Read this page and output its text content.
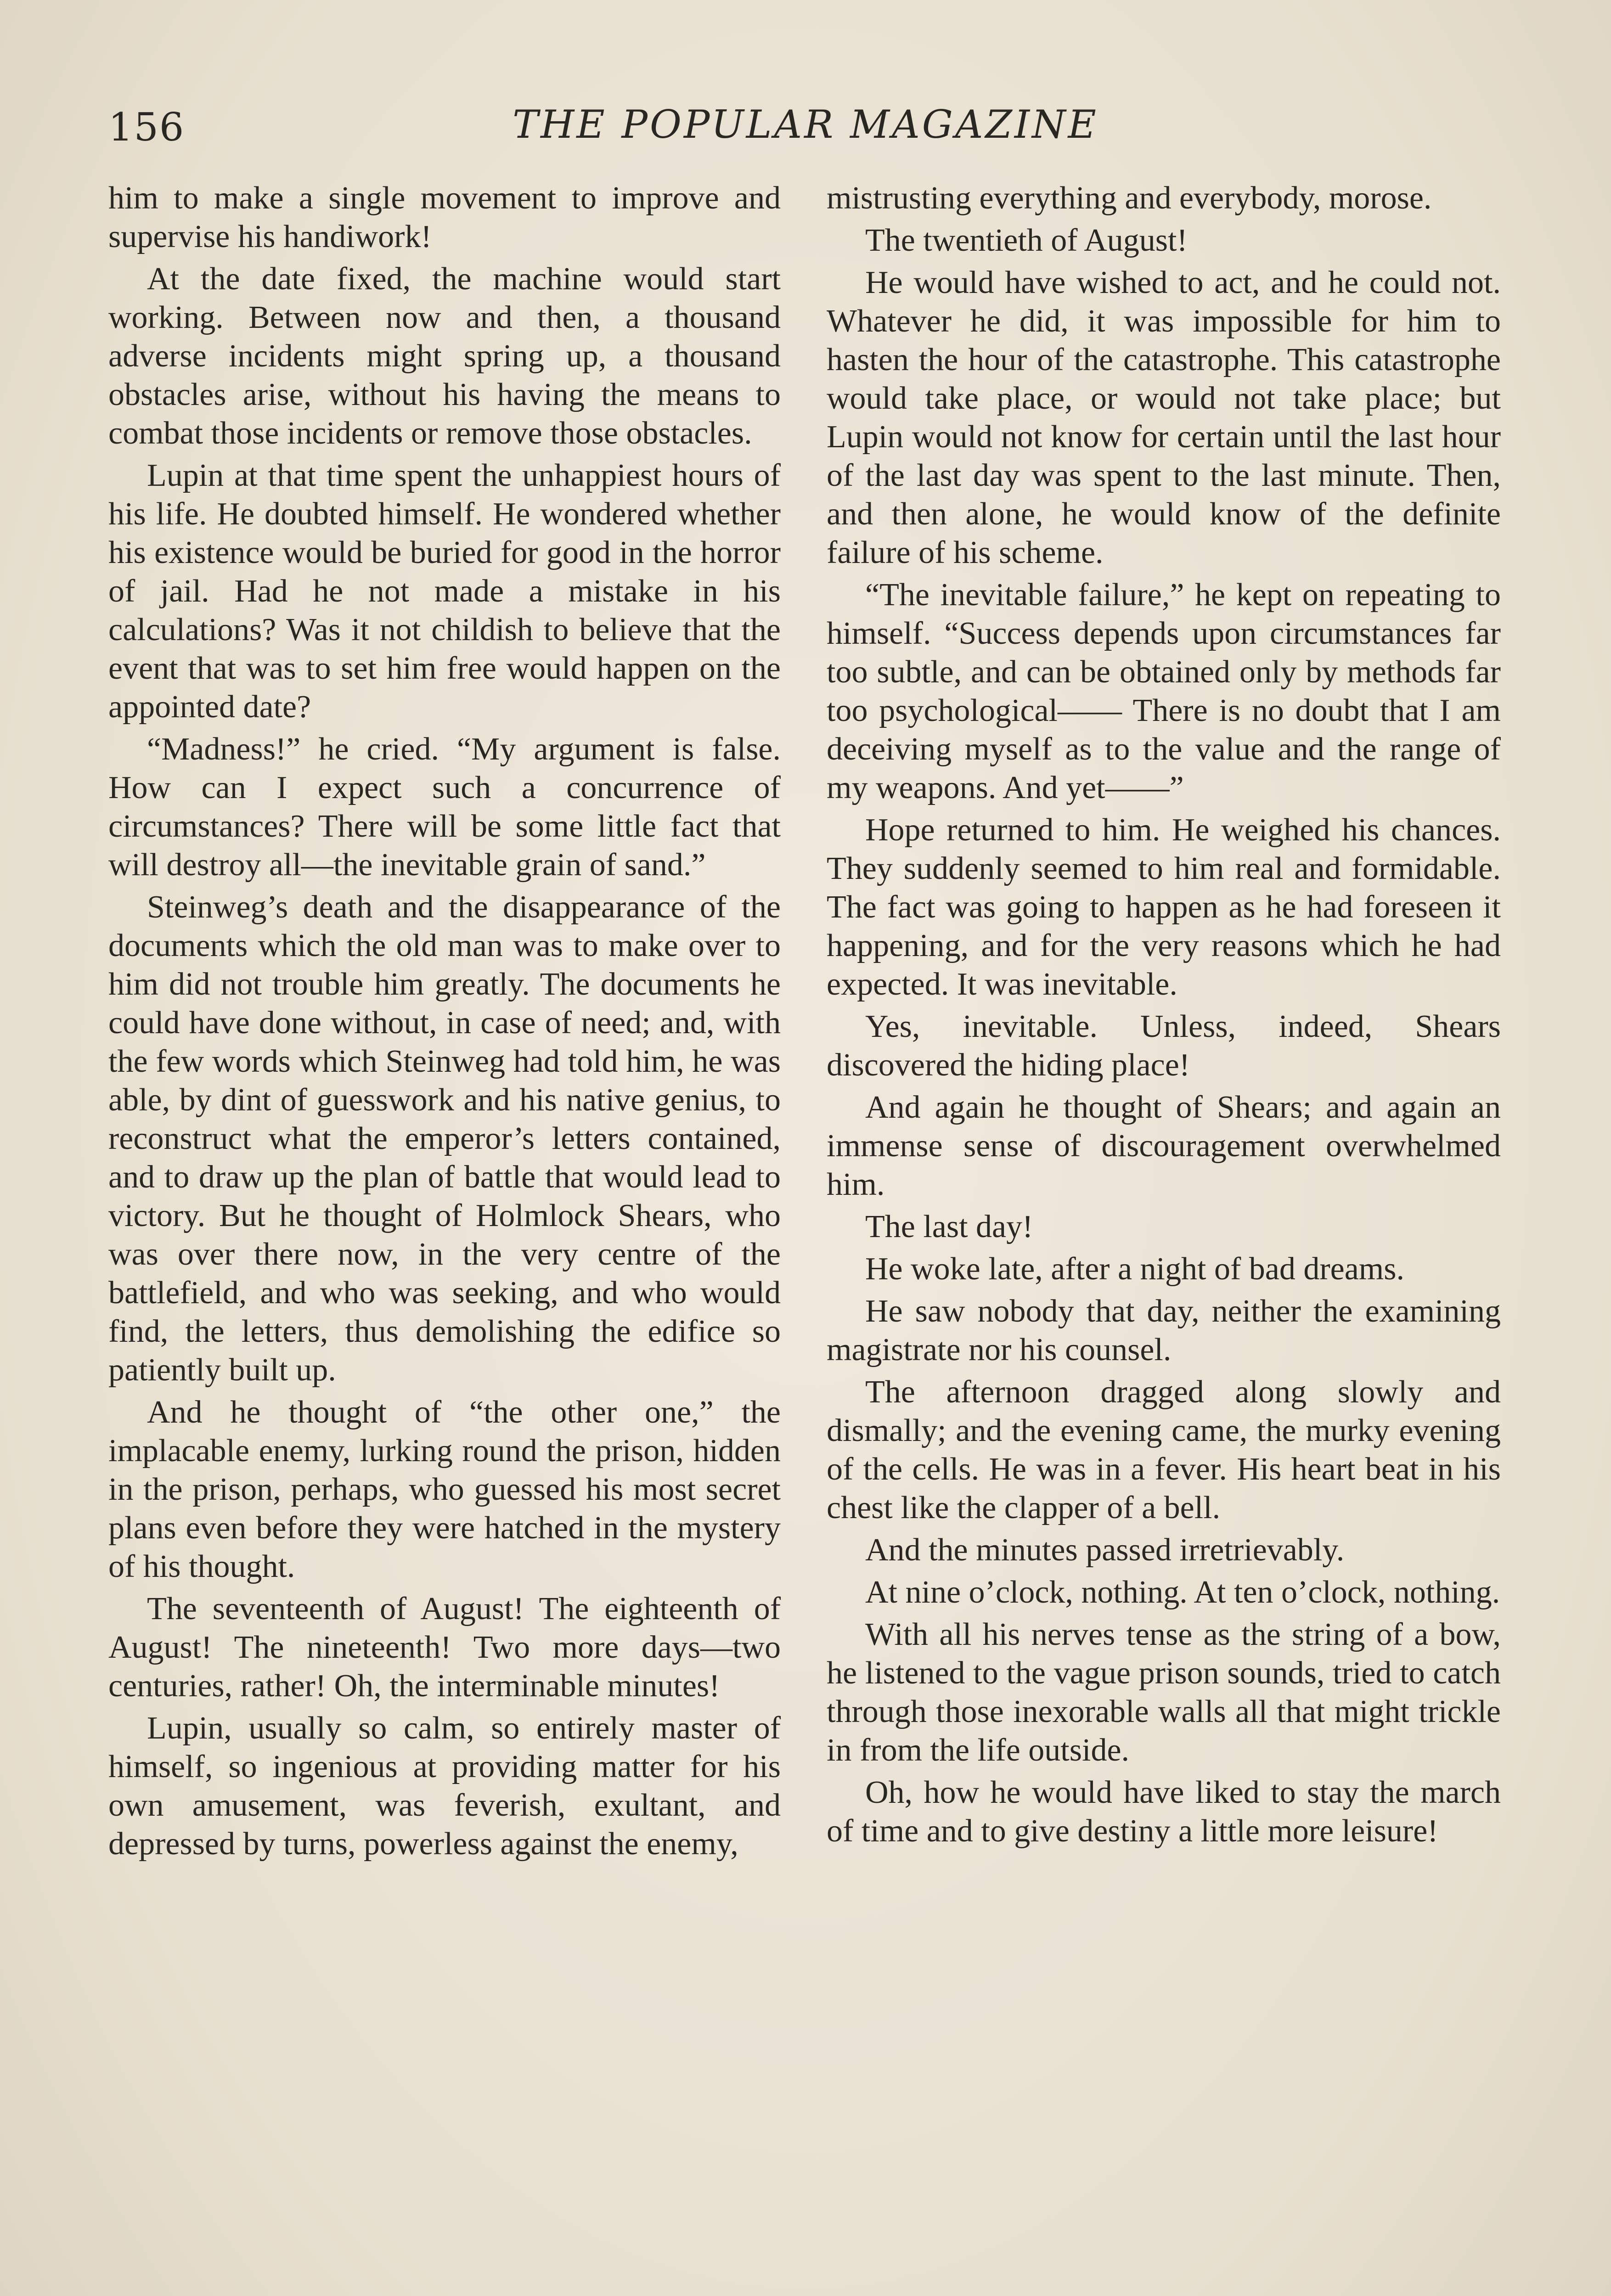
156	THE POPULAR MAGAZINE

him to make a single movement to improve and supervise his handiwork!

At the date fixed, the machine would start working. Between now and then, a thousand adverse incidents might spring up, a thousand obstacles arise, without his having the means to combat those incidents or remove those obstacles.

Lupin at that time spent the unhappiest hours of his life. He doubted himself. He wondered whether his existence would be buried for good in the horror of jail. Had he not made a mistake in his calculations? Was it not childish to believe that the event that was to set him free would happen on the appointed date?

“Madness!” he cried. “My argument is false. How can I expect such a concurrence of circumstances? There will be some little fact that will destroy all—the inevitable grain of sand.”

Steinweg’s death and the disappearance of the documents which the old man was to make over to him did not trouble him greatly. The documents he could have done without, in case of need; and, with the few words which Steinweg had told him, he was able, by dint of guesswork and his native genius, to reconstruct what the emperor’s letters contained, and to draw up the plan of battle that would lead to victory. But he thought of Holmlock Shears, who was over there now, in the very centre of the battlefield, and who was seeking, and who would find, the letters, thus demolishing the edifice so patiently built up.

And he thought of “the other one,” the implacable enemy, lurking round the prison, hidden in the prison, perhaps, who guessed his most secret plans even before they were hatched in the mystery of his thought.

The seventeenth of August! The eighteenth of August! The nineteenth! Two more days—two centuries, rather! Oh, the interminable minutes!

Lupin, usually so calm, so entirely master of himself, so ingenious at providing matter for his own amusement, was feverish, exultant, and depressed by turns, powerless against the enemy,

mistrusting everything and everybody, morose.

The twentieth of August!

He would have wished to act, and he could not. Whatever he did, it was impossible for him to hasten the hour of the catastrophe. This catastrophe would take place, or would not take place; but Lupin would not know for certain until the last hour of the last day was spent to the last minute. Then, and then alone, he would know of the definite failure of his scheme.

“The inevitable failure,” he kept on repeating to himself. “Success depends upon circumstances far too subtle, and can be obtained only by methods far too psychological—— There is no doubt that I am deceiving myself as to the value and the range of my weapons. And yet——”

Hope returned to him. He weighed his chances. They suddenly seemed to him real and formidable. The fact was going to happen as he had foreseen it happening, and for the very reasons which he had expected. It was inevitable.

Yes, inevitable. Unless, indeed, Shears discovered the hiding place!

And again he thought of Shears; and again an immense sense of discouragement overwhelmed him.

The last day!

He woke late, after a night of bad dreams.

He saw nobody that day, neither the examining magistrate nor his counsel.

The afternoon dragged along slowly and dismally; and the evening came, the murky evening of the cells. He was in a fever. His heart beat in his chest like the clapper of a bell.

And the minutes passed irretrievably.

At nine o’clock, nothing. At ten o’clock, nothing.

With all his nerves tense as the string of a bow, he listened to the vague prison sounds, tried to catch through those inexorable walls all that might trickle in from the life outside.

Oh, how he would have liked to stay the march of time and to give destiny a little more leisure!
